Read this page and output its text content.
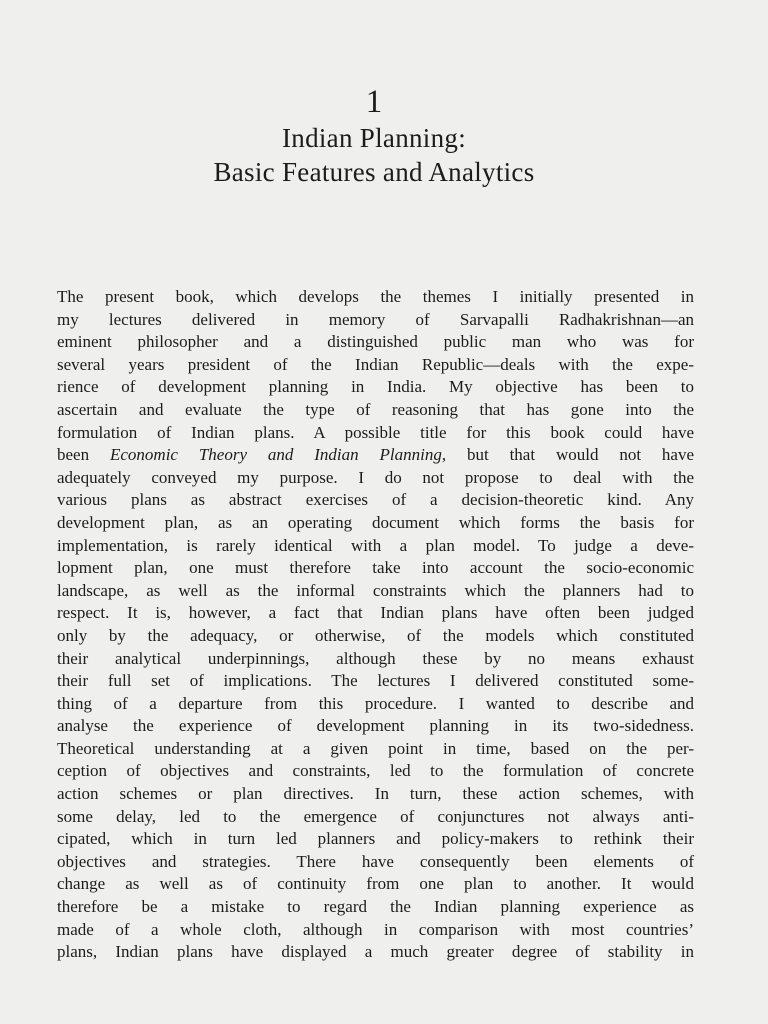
1
Indian Planning:
Basic Features and Analytics
The present book, which develops the themes I initially presented in
my lectures delivered in memory of Sarvapalli Radhakrishnan—an
eminent philosopher and a distinguished public man who was for
several years president of the Indian Republic—deals with the expe-
rience of development planning in India. My objective has been to
ascertain and evaluate the type of reasoning that has gone into the
formulation of Indian plans. A possible title for this book could have
been Economic Theory and Indian Planning, but that would not have
adequately conveyed my purpose. I do not propose to deal with the
various plans as abstract exercises of a decision-theoretic kind. Any
development plan, as an operating document which forms the basis for
implementation, is rarely identical with a plan model. To judge a deve-
lopment plan, one must therefore take into account the socio-economic
landscape, as well as the informal constraints which the planners had to
respect. It is, however, a fact that Indian plans have often been judged
only by the adequacy, or otherwise, of the models which constituted
their analytical underpinnings, although these by no means exhaust
their full set of implications. The lectures I delivered constituted some-
thing of a departure from this procedure. I wanted to describe and
analyse the experience of development planning in its two-sidedness.
Theoretical understanding at a given point in time, based on the per-
ception of objectives and constraints, led to the formulation of concrete
action schemes or plan directives. In turn, these action schemes, with
some delay, led to the emergence of conjunctures not always anti-
cipated, which in turn led planners and policy-makers to rethink their
objectives and strategies. There have consequently been elements of
change as well as of continuity from one plan to another. It would
therefore be a mistake to regard the Indian planning experience as
made of a whole cloth, although in comparison with most countries’
plans, Indian plans have displayed a much greater degree of stability in
